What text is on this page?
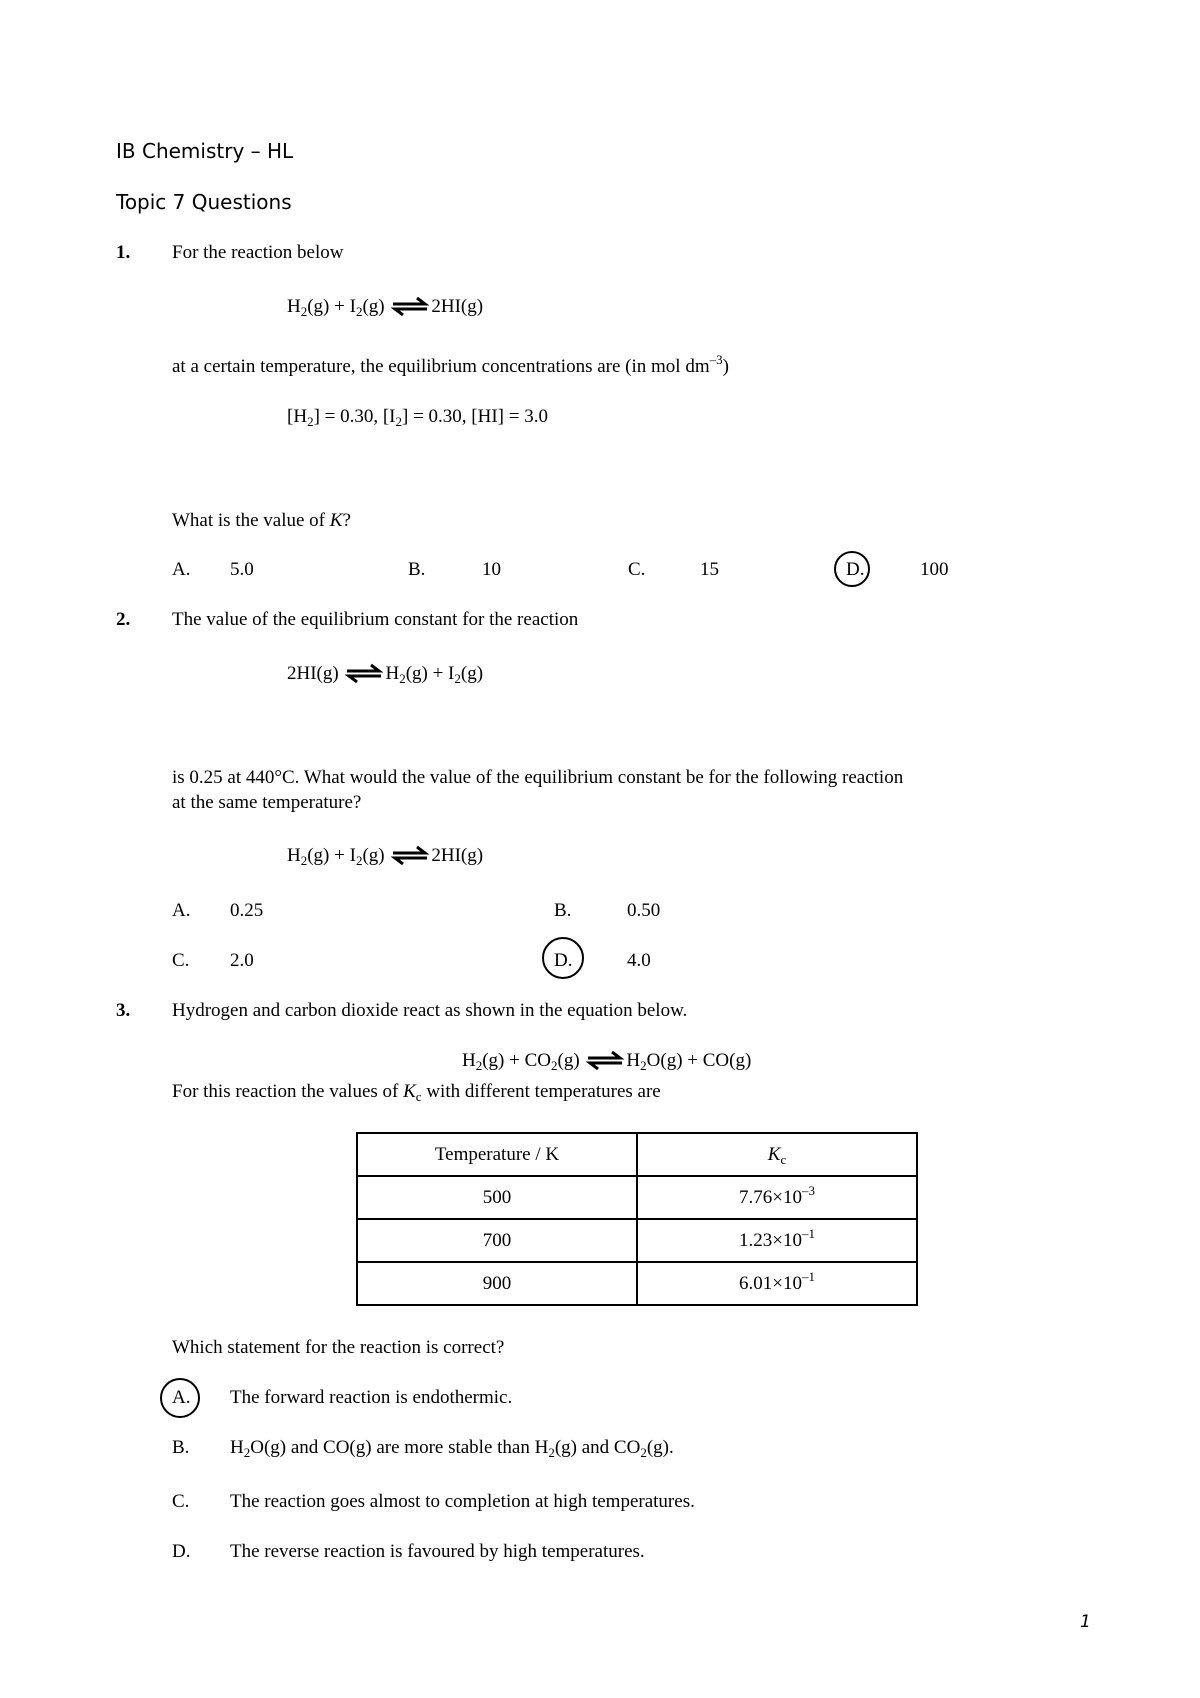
IB Chemistry – HL
Topic 7 Questions
1. For the reaction below
$H_2(g) + I_2(g)$ ⇌ 2HI(g)
at a certain temperature, the equilibrium concentrations are (in mol $dm^{-3}$)
$[H_2] = 0.30$, $[I_2] = 0.30$, [HI] = 3.0
What is the value of K?
A. 5.0	B.	10	C.	15	D.	100
2. The value of the equilibrium constant for the reaction
2HI(g) ⇌ $H_2(g) + I_2(g)$
is 0.25 at 440°C. What would the value of the equilibrium constant be for the following reaction
at the same temperature?
$H_2(g) + I_2(g)$ ⇌ 2HI(g)
A. 0.25	B.	0.50
C. 2.0	D.	4.0
3. Hydrogen and carbon dioxide react as shown in the equation below.
$H_2(g) + CO_2(g)$ ⇌ $H_2O(g) + CO(g)$
For this reaction the values of $K_c$ with different temperatures are
Temperature / K	$K_c$
500	$7.76\times 10^{-3}$
700	$1.23\times 10^{-1}$
900	$6.01\times 10^{-1}$
Which statement for the reaction is correct?
A. The forward reaction is endothermic.
B. $H_2O(g)$ and CO(g) are more stable than $H_2(g)$ and $CO_2(g)$.
C. The reaction goes almost to completion at high temperatures.
D. The reverse reaction is favoured by high temperatures.
1
